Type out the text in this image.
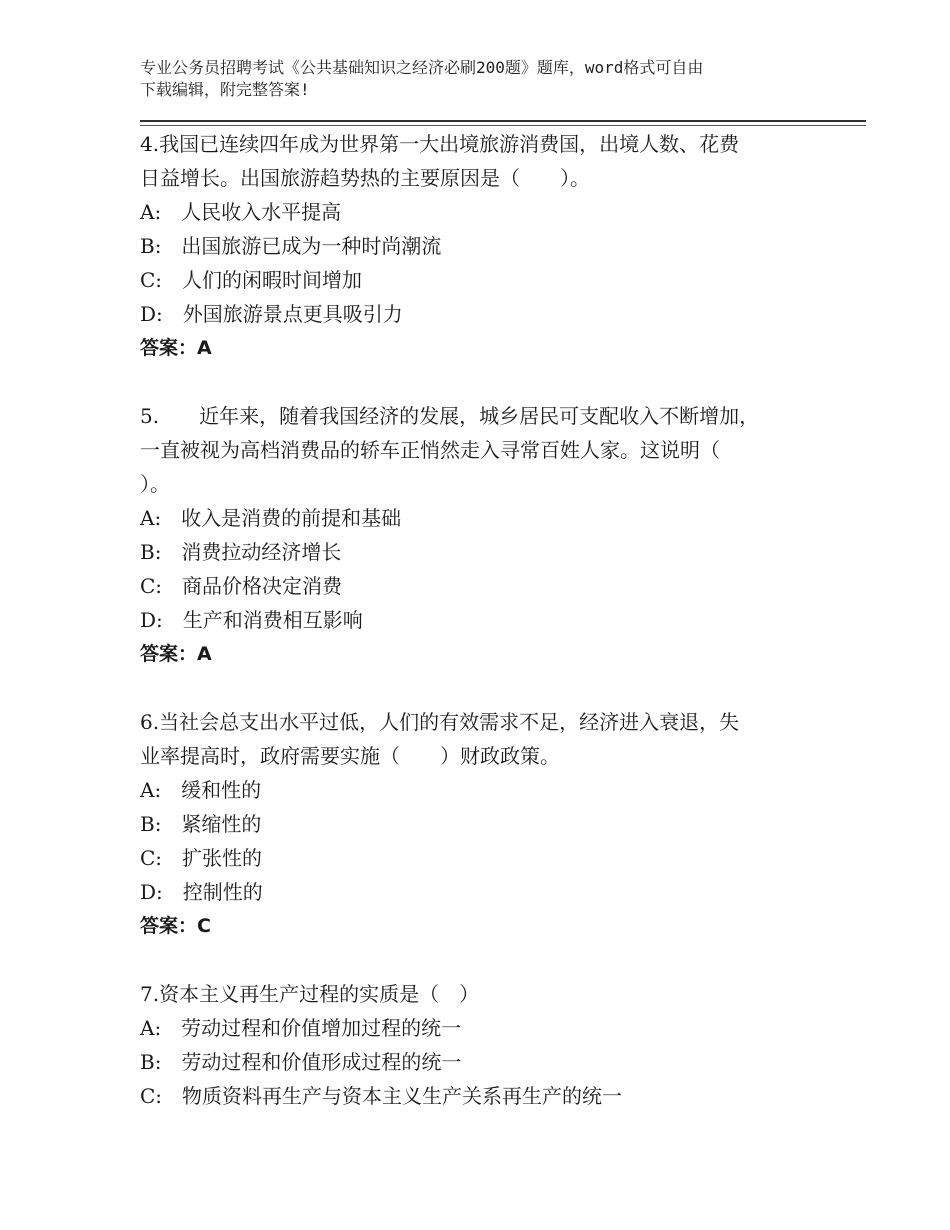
专业公务员招聘考试《公共基础知识之经济必刷200题》题库，word格式可自由
下载编辑，附完整答案!

4.我国已连续四年成为世界第一大出境旅游消费国，出境人数、花费

日益增长。出国旅游趋势热的主要原因是（　　）。

A:　人民收入水平提高

B:　出国旅游已成为一种时尚潮流

C:　人们的闲暇时间增加

D:　外国旅游景点更具吸引力

答案：A

5.　　近年来，随着我国经济的发展，城乡居民可支配收入不断增加，

一直被视为高档消费品的轿车正悄然走入寻常百姓人家。这说明（

）。

A:　收入是消费的前提和基础

B:　消费拉动经济增长

C:　商品价格决定消费

D:　生产和消费相互影响

答案：A

6.当社会总支出水平过低，人们的有效需求不足，经济进入衰退，失

业率提高时，政府需要实施（　　）财政政策。

A:　缓和性的

B:　紧缩性的

C:　扩张性的

D:　控制性的

答案：C

7.资本主义再生产过程的实质是（　）

A:　劳动过程和价值增加过程的统一

B:　劳动过程和价值形成过程的统一

C:　物质资料再生产与资本主义生产关系再生产的统一
